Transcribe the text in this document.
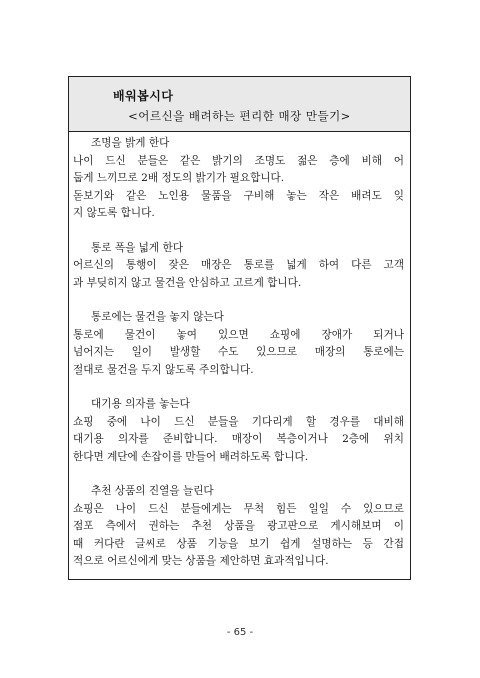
배워봅시다
<어르신을 배려하는 편리한 매장 만들기>
조명을 밝게 한다
나이 드신 분들은 같은 밝기의 조명도 젊은 층에 비해 어
둡게 느끼므로 2배 정도의 밝기가 필요합니다.
돋보기와 같은 노인용 물품을 구비해 놓는 작은 배려도 잊
지 않도록 합니다.
통로 폭을 넓게 한다
어르신의 통행이 잦은 매장은 통로를 넓게 하여 다른 고객
과 부딪히지 않고 물건을 안심하고 고르게 합니다.
통로에는 물건을 놓지 않는다
통로에 물건이 놓여 있으면 쇼핑에 장애가 되거나
넘어지는 일이 발생할 수도 있으므로 매장의 통로에는
절대로 물건을 두지 않도록 주의합니다.
대기용 의자를 놓는다
쇼핑 중에 나이 드신 분들을 기다리게 할 경우를 대비해
대기용 의자를 준비합니다. 매장이 복층이거나 2층에 위치
한다면 계단에 손잡이를 만들어 배려하도록 합니다.
추천 상품의 진열을 늘린다
쇼핑은 나이 드신 분들에게는 무척 힘든 일일 수 있으므로
점포 측에서 권하는 추천 상품을 광고판으로 게시해보며 이
때 커다란 글씨로 상품 기능을 보기 쉽게 설명하는 등 간접
적으로 어르신에게 맞는 상품을 제안하면 효과적입니다.
- 65 -
